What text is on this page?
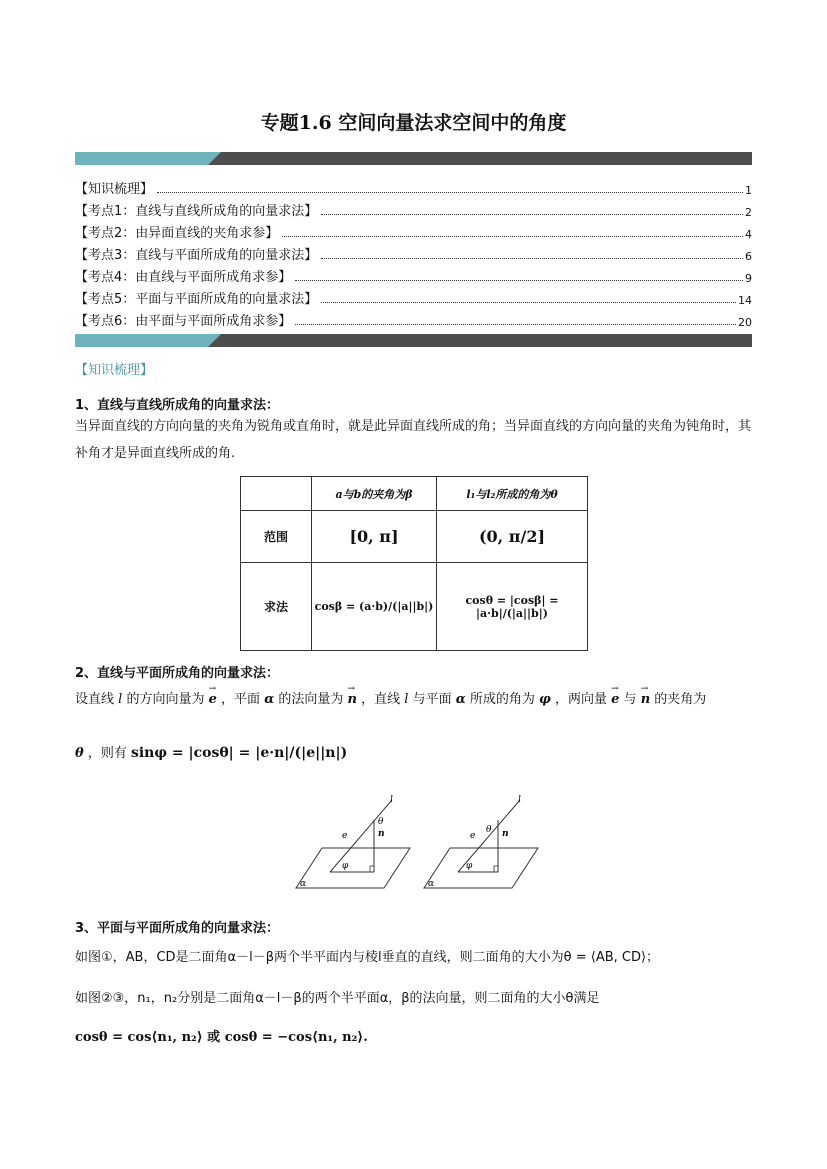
专题1.6 空间向量法求空间中的角度
【知识梳理】	1
【考点1：直线与直线所成角的向量求法】	2
【考点2：由异面直线的夹角求参】	4
【考点3：直线与平面所成角的向量求法】	6
【考点4：由直线与平面所成角求参】	9
【考点5：平面与平面所成角的向量求法】	14
【考点6：由平面与平面所成角求参】	20
【知识梳理】
1、直线与直线所成角的向量求法：
当异面直线的方向向量的夹角为锐角或直角时，就是此异面直线所成的角；当异面直线的方向向量的夹角为钝角时，其补角才是异面直线所成的角.
	a与b的夹角为β	l₁与l₂所成的角为θ
范围	[0, π]	(0, π/2]
求法	cosβ = (a·b)/(|a||b|)	cosθ = |cosβ| = |a·b|/(|a||b|)
2、直线与平面所成角的向量求法：
设直线 l 的方向向量为 → e ，平面 α 的法向量为 → n ，直线 l 与平面 α 所成的角为 φ ，两向量 → e 与 → n 的夹角为
θ ，则有 sinφ = |cosθ| = |e·n|/(|e||n|)
l
θ
e	n
φ
α
l
θ
e	n
φ
α
3、平面与平面所成角的向量求法：
如图①，AB，CD是二面角α－l－β两个半平面内与棱l垂直的直线，则二面角的大小为θ = ⟨AB, CD⟩；
如图②③，n₁，n₂分别是二面角α－l－β的两个半平面α，β的法向量，则二面角的大小θ满足
cosθ = cos⟨n₁, n₂⟩ 或 cosθ = −cos⟨n₁, n₂⟩.
